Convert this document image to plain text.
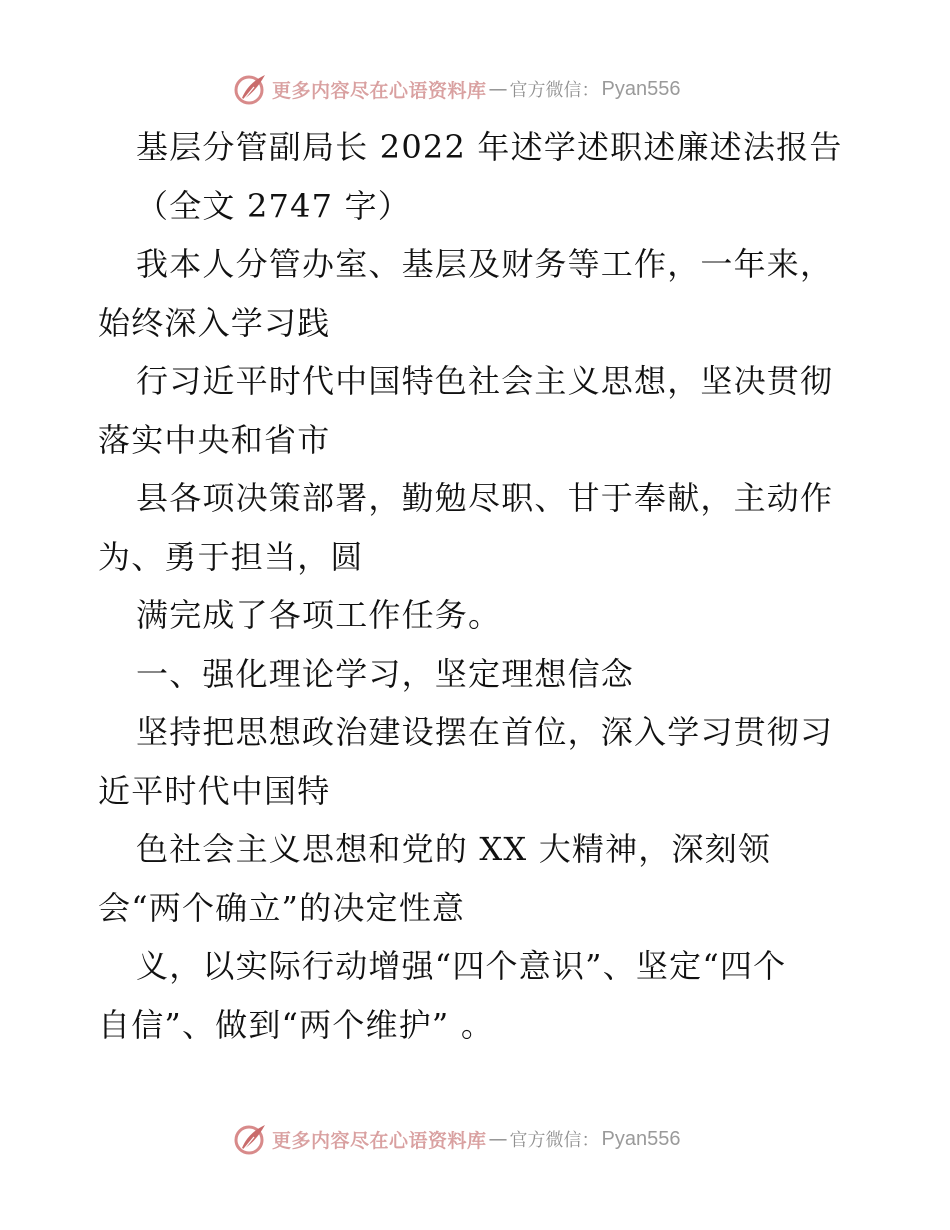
更多内容尽在心语资料库 — 官方微信： Pyan556
基层分管副局长 2022 年述学述职述廉述法报告
（全文 2747 字）
我本人分管办室、基层及财务等工作，一年来，
始终深入学习践
行习近平时代中国特色社会主义思想，坚决贯彻
落实中央和省市
县各项决策部署，勤勉尽职、甘于奉献，主动作
为、勇于担当，圆
满完成了各项工作任务。
一、强化理论学习，坚定理想信念
坚持把思想政治建设摆在首位，深入学习贯彻习
近平时代中国特
色社会主义思想和党的 XX 大精神，深刻领
会“两个确立”的决定性意
义，以实际行动增强“四个意识”、坚定“四个
自信”、做到“两个维护” 。
更多内容尽在心语资料库 — 官方微信： Pyan556
